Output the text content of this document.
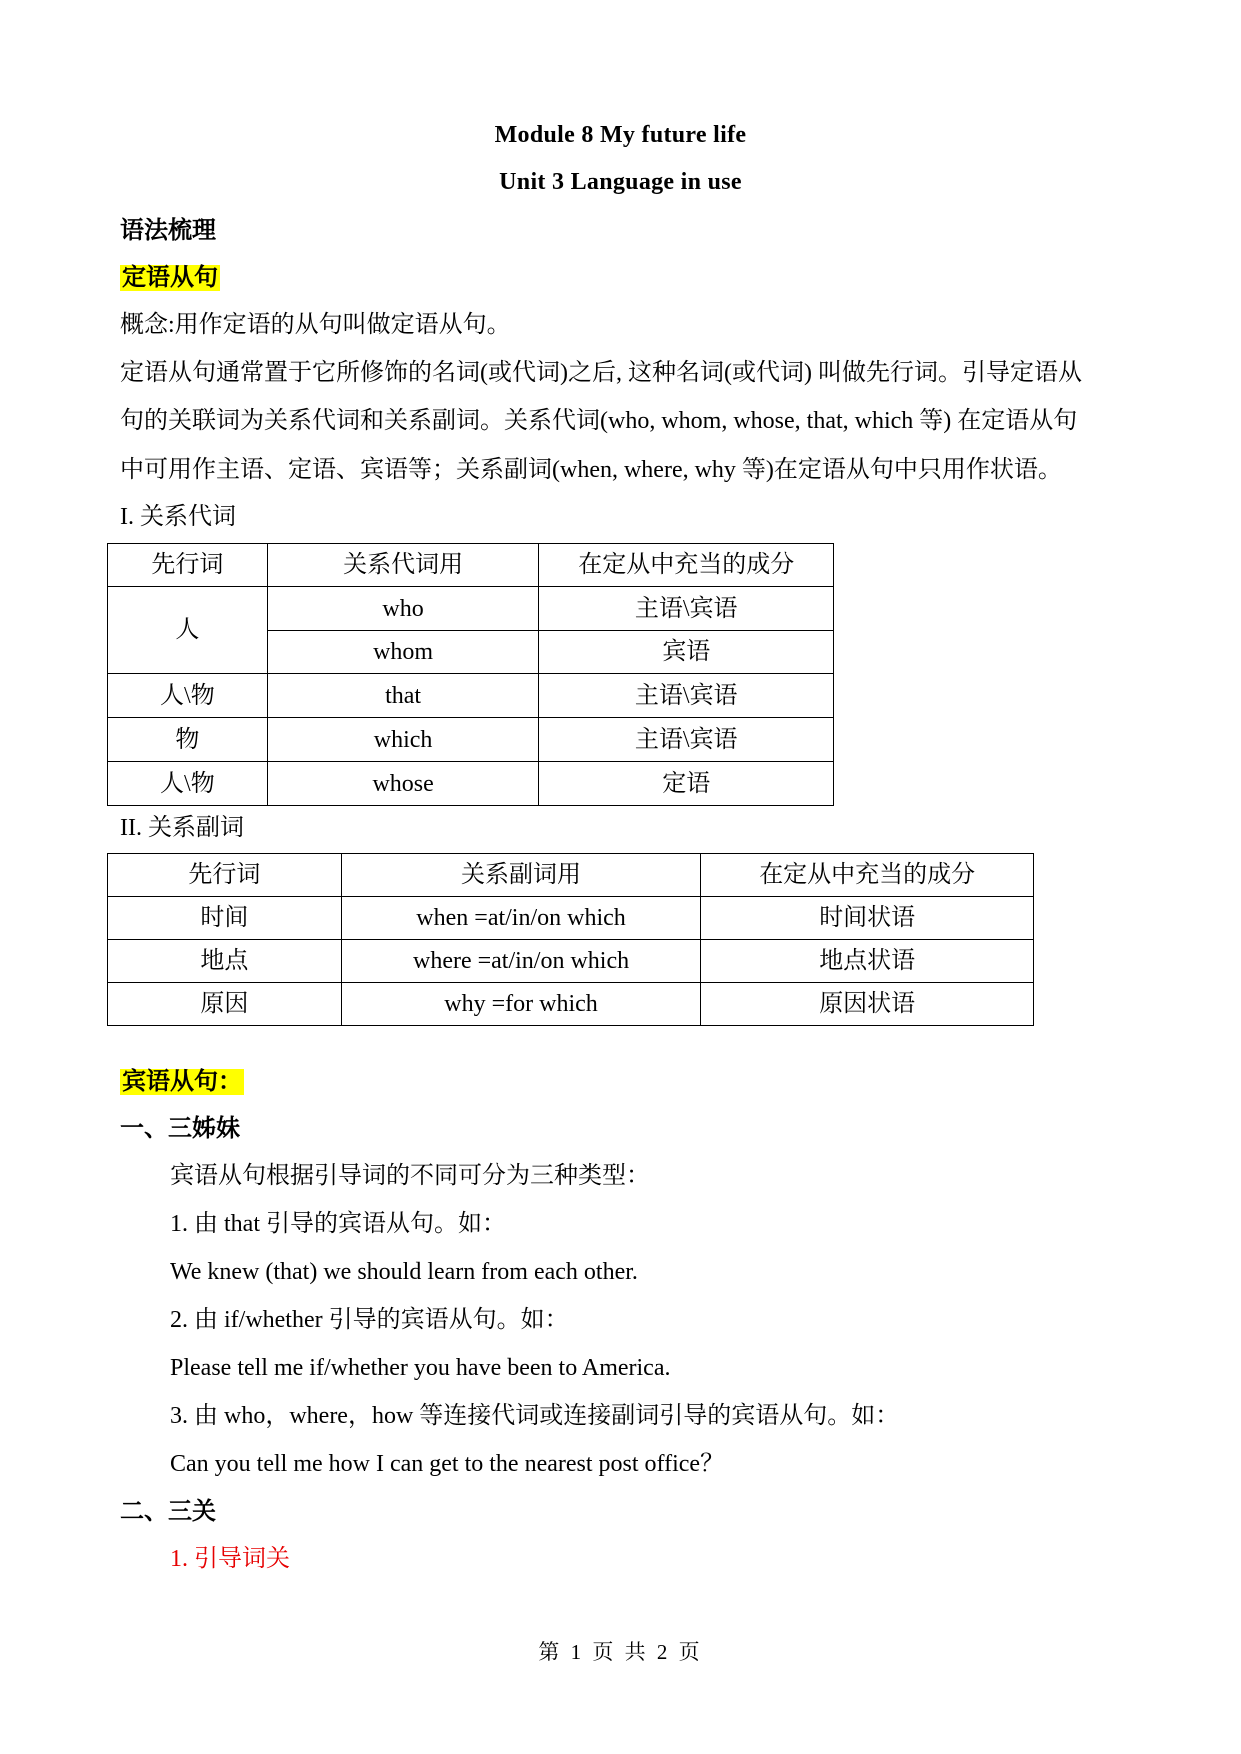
Module 8 My future life
Unit 3 Language in use
语法梳理
定语从句
概念:用作定语的从句叫做定语从句。
定语从句通常置于它所修饰的名词(或代词)之后, 这种名词(或代词) 叫做先行词。引导定语从
句的关联词为关系代词和关系副词。关系代词(who, whom, whose, that, which 等) 在定语从句
中可用作主语、定语、宾语等；关系副词(when, where, why 等)在定语从句中只用作状语。
I. 关系代词
先行词	关系代词用	在定从中充当的成分
人	who	主语\宾语
	whom	宾语
人\物	that	主语\宾语
物	which	主语\宾语
人\物	whose	定语
II. 关系副词
先行词	关系副词用	在定从中充当的成分
时间	when =at/in/on which	时间状语
地点	where =at/in/on which	地点状语
原因	why =for which	原因状语
宾语从句：
一、三姊妹
宾语从句根据引导词的不同可分为三种类型：
1. 由 that 引导的宾语从句。如：
We knew (that) we should learn from each other.
2. 由 if/whether 引导的宾语从句。如：
Please tell me if/whether you have been to America.
3. 由 who，where，how 等连接代词或连接副词引导的宾语从句。如：
Can you tell me how I can get to the nearest post office？
二、三关
1. 引导词关
第 1 页 共 2 页
